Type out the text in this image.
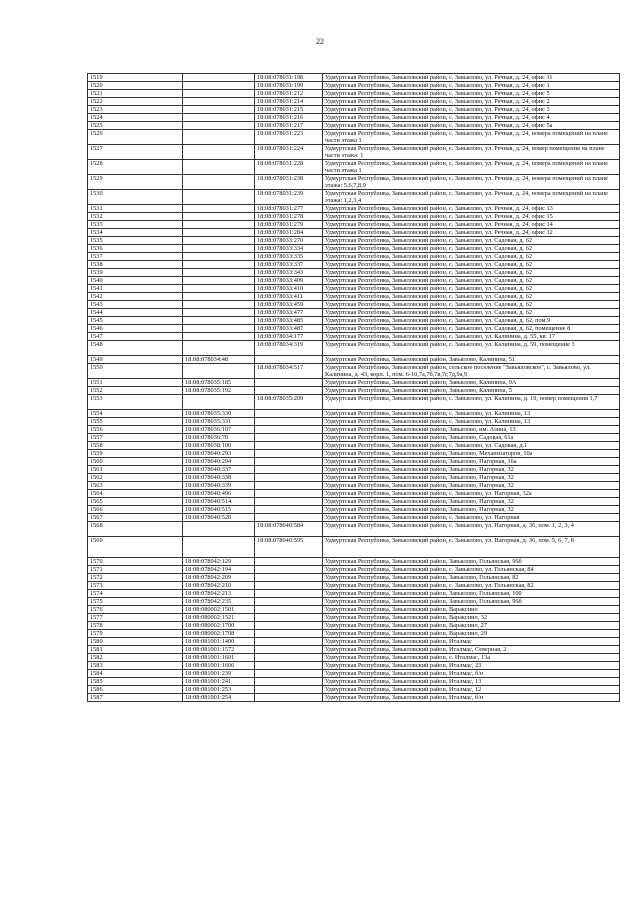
22
1519		18:08:078031:198	Удмуртская Республика, Завьяловский район, с. Завьялово, ул. Речная, д. 24, офис 11
1520		18:08:078031:199	Удмуртская Республика, Завьяловский район, с. Завьялово, ул. Речная, д. 24, офис 1
1521		18:08:078031:212	Удмуртская Республика, Завьяловский район, с. Завьялово, ул. Речная, д. 24, офис 5
1522		18:08:078031:214	Удмуртская Республика, Завьяловский район, с. Завьялово, ул. Речная, д. 24, офис 2
1523		18:08:078031:215	Удмуртская Республика, Завьяловский район, с. Завьялово, ул. Речная, д. 24, офис 3
1524		18:08:078031:216	Удмуртская Республика, Завьяловский район, с. Завьялово, ул. Речная, д. 24, офис 4
1525		18:08:078031:217	Удмуртская Республика, Завьяловский район, с. Завьялово, ул. Речная, д. 24, офис 5а
1526		18:08:078031:223	Удмуртская Республика, Завьяловский район, с. Завьялово, ул. Речная, д. 24, номера помещений на плане части этажа 1
1527		18:08:078031:224	Удмуртская Республика, Завьяловский район, с. Завьялово, ул. Речная, д. 24, номер помещения на плане части этажа: 1
1528		18:08:078031:228	Удмуртская Республика, Завьяловский район, с. Завьялово, ул. Речная, д. 24, номера помещений на плане части этажа 1
1529		18:08:078031:238	Удмуртская Республика, Завьяловский район, с. Завьялово, ул. Речная, д. 24, номера помещений на плане этажа: 5,6,7,8,9
1530		18:08:078031:239	Удмуртская Республика, Завьяловский район, с. Завьялово, ул. Речная, д. 24, номера помещений на плане этажа: 1,2,3,4
1531		18:08:078031:277	Удмуртская Республика, Завьяловский район, с. Завьялово, ул. Речная, д. 24, офис 13
1532		18:08:078031:278	Удмуртская Республика, Завьяловский район, с. Завьялово, ул. Речная, д. 24, офис 15
1533		18:08:078031:279	Удмуртская Республика, Завьяловский район, с. Завьялово, ул. Речная, д. 24, офис 14
1534		18:08:078031:284	Удмуртская Республика, Завьяловский район, с. Завьялово, ул. Речная, д. 24, офис 12
1535		18:08:078033:270	Удмуртская Республика, Завьяловский район, с. Завьялово, ул. Садовая, д. 62
1536		18:08:078033:334	Удмуртская Республика, Завьяловский район, с. Завьялово, ул. Садовая, д. 62
1537		18:08:078033:335	Удмуртская Республика, Завьяловский район, с. Завьялово, ул. Садовая, д. 62
1538		18:08:078033:337	Удмуртская Республика, Завьяловский район, с. Завьялово, ул. Садовая, д. 62
1539		18:08:078033:343	Удмуртская Республика, Завьяловский район, с. Завьялово, ул. Садовая, д. 62
1540		18:08:078033:409	Удмуртская Республика, Завьяловский район, с. Завьялово, ул. Садовая, д. 62
1541		18:08:078033:410	Удмуртская Республика, Завьяловский район, с. Завьялово, ул. Садовая, д. 62
1542		18:08:078033:411	Удмуртская Республика, Завьяловский район, с. Завьялово, ул. Садовая, д. 62
1543		18:08:078033:459	Удмуртская Республика, Завьяловский район, с. Завьялово, ул. Садовая, д. 62
1544		18:08:078033:477	Удмуртская Республика, Завьяловский район, с. Завьялово, ул. Садовая, д. 62
1545		18:08:078033:485	Удмуртская Республика, Завьяловский район, с. Завьялово, ул. Садовая, д. 62, пом.9
1546		18:08:078033:487	Удмуртская Республика, Завьяловский район, с. Завьялово, ул. Садовая, д. 62, помещение 8
1547		18:08:078034:177	Удмуртская Республика, Завьяловский район, с. Завьялово, ул. Калинина, д. 55, кв. 17
1548		18:08:078034:319	Удмуртская Республика, Завьяловский район, с. Завьялово, ул. Калинина, д. 59, помещение 3
1549	18:08:078034:48		Удмуртская Республика, Завьяловский район, Завьялово, Калинина, 51
1550		18:08:078034:517	Удмуртская Республика, Завьяловский район, сельское поселение "Завьяловское", с. Завьялово, ул. Калинина, д. 43, корп. 1, пом. 6-10,7а,7б,7в,7г,7д,9а,9
1551	18:08:078035:185		Удмуртская Республика, Завьяловский район, Завьялово, Калинина, 9А
1552	18:08:078035:192		Удмуртская Республика, Завьяловский район, Завьялово, Калинина, 5
1553		18:08:078035:209	Удмуртская Республика, Завьяловский район, с. Завьялово, ул. Калинина, д. 19, номер помещения 1,7
1554	18:08:078035:330		Удмуртская Республика, Завьяловский район, с. Завьялово, ул. Калинина, 13
1555	18:08:078035:331		Удмуртская Республика, Завьяловский район, с. Завьялово, ул. Калинина, 13
1556	18:08:078036:107		Удмуртская Республика, Завьяловский район, Завьялово, им. Азина, 13
1557	18:08:078036:70		Удмуртская Республика, Завьяловский район, Завьялово, Садовая, 61а
1558	18:08:078038:100		Удмуртская Республика, Завьяловский район, с. Завьялово, ул. Садовая, д.1
1559	18:08:078040:293		Удмуртская Республика, Завьяловский район, Завьялово, Механизаторов, 10а
1560	18:08:078040:294		Удмуртская Республика, Завьяловский район, Завьялово, Нагорная, 16а
1561	18:08:078040:337		Удмуртская Республика, Завьяловский район, Завьялово, Нагорная, 32
1562	18:08:078040:338		Удмуртская Республика, Завьяловский район, Завьялово, Нагорная, 32
1563	18:08:078040:339		Удмуртская Республика, Завьяловский район, Завьялово, Нагорная, 32
1564	18:08:078040:496		Удмуртская Республика, Завьяловский район, с. Завьялово, ул. Нагорная, 32а
1565	18:08:078040:514		Удмуртская Республика, Завьяловский район, Завьялово, Нагорная, 32
1566	18:08:078040:515		Удмуртская Республика, Завьяловский район, Завьялово, Нагорная, 32
1567	18:08:078040:528		Удмуртская Республика, Завьяловский район, с. Завьялово, ул. Нагорная
1568		18:08:078040:584	Удмуртская Республика, Завьяловский район, с. Завьялово, ул. Нагорная, д. 36, пом. 1, 2, 3, 4
1569		18:08:078040:595	Удмуртская Республика, Завьяловский район, с. Завьялово, ул. Нагорная, д. 36, пом. 5, 6, 7, 8
1570	18:08:078042:129		Удмуртская Республика, Завьяловский район, Завьялово, Гольянская, 96б
1571	18:08:078042:194		Удмуртская Республика, Завьяловский район, с. Завьялово, ул. Гольянская, 84
1572	18:08:078042:209		Удмуртская Республика, Завьяловский район, Завьялово, Гольянская, 82
1573	18:08:078042:210		Удмуртская Республика, Завьяловский район, с. Завьялово, ул. Гольянская, 82
1574	18:08:078042:213		Удмуртская Республика, Завьяловский район, Завьялово, Гольянская, 100
1575	18:08:078042:235		Удмуртская Республика, Завьяловский район, Завьялово, Гольянская, 96б
1576	18:08:080002:1501		Удмуртская Республика, Завьяловский район, Варакcино
1577	18:08:080002:1521		Удмуртская Республика, Завьяловский район, Варакcино, 32
1578	18:08:080002:1700		Удмуртская Республика, Завьяловский район, Варакcино, 27
1579	18:08:080002:1708		Удмуртская Республика, Завьяловский район, Варакcино, 29
1580	18:08:081001:1400		Удмуртская Республика, Завьяловский район, Италмас
1581	18:08:081001:1572		Удмуртская Республика, Завьяловский район, Италмас, Северная, 2
1582	18:08:081001:1601		Удмуртская Республика, Завьяловский район, с. Италмас, 13а
1583	18:08:081001:1606		Удмуртская Республика, Завьяловский район, Италмас, 23
1584	18:08:081001:239		Удмуртская Республика, Завьяловский район, Италмас, б/н
1585	18:08:081001:241		Удмуртская Республика, Завьяловский район, Италмас, 13
1586	18:08:081001:253		Удмуртская Республика, Завьяловский район, Италмас, 12
1587	18:08:081001:254		Удмуртская Республика, Завьяловский район, Италмас, б/н
